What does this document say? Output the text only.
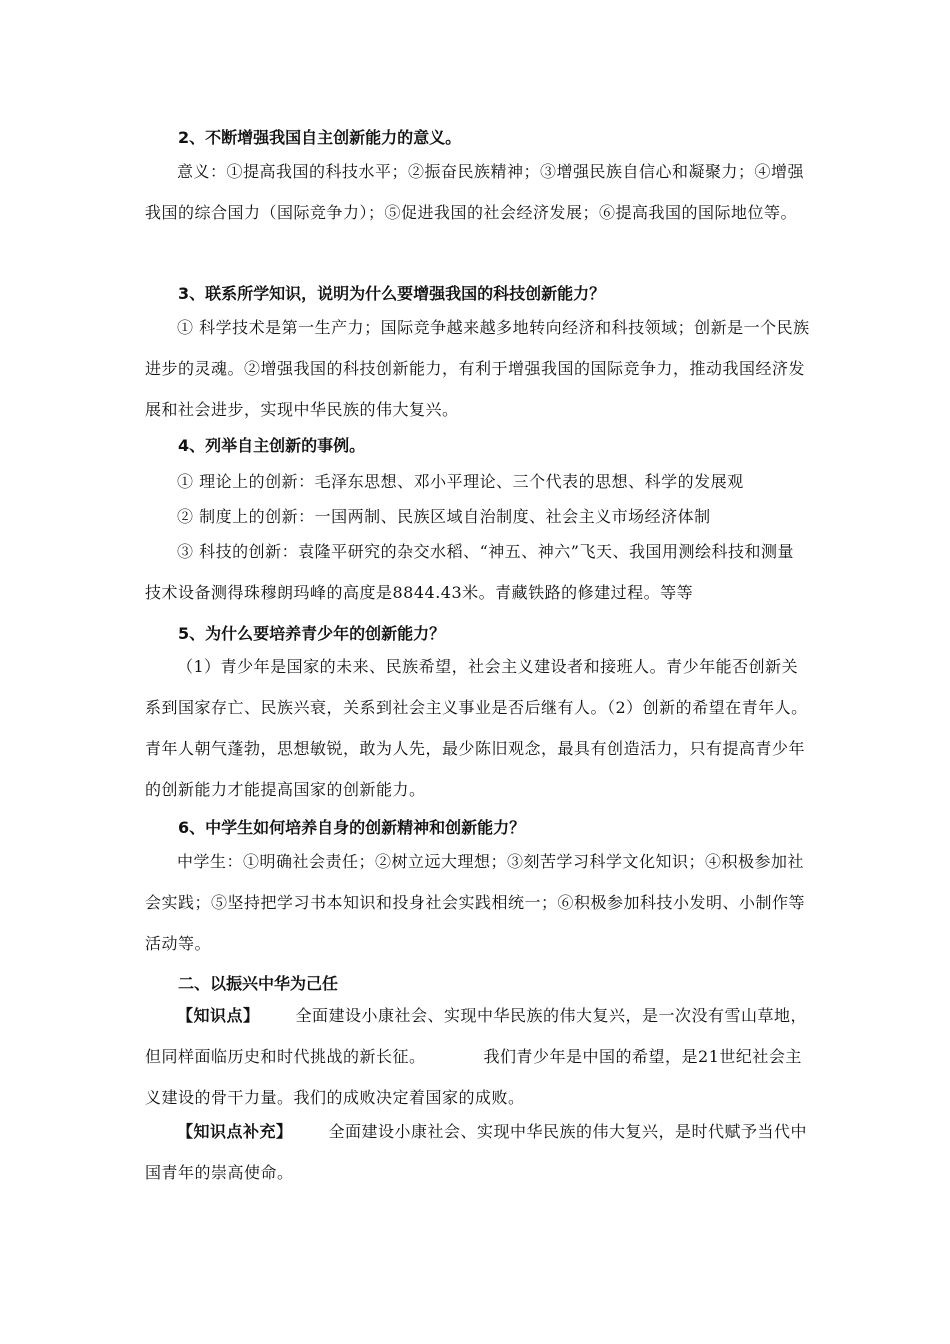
2、不断增强我国自主创新能力的意义。
意义：①提高我国的科技水平；②振奋民族精神；③增强民族自信心和凝聚力；④增强我国的综合国力（国际竞争力）；⑤促进我国的社会经济发展；⑥提高我国的国际地位等。
3、联系所学知识，说明为什么要增强我国的科技创新能力？
① 科学技术是第一生产力；国际竞争越来越多地转向经济和科技领域；创新是一个民族进步的灵魂。②增强我国的科技创新能力，有利于增强我国的国际竞争力，推动我国经济发展和社会进步，实现中华民族的伟大复兴。
4、列举自主创新的事例。
① 理论上的创新：毛泽东思想、邓小平理论、三个代表的思想、科学的发展观
② 制度上的创新：一国两制、民族区域自治制度、社会主义市场经济体制
③ 科技的创新：袁隆平研究的杂交水稻、“神五、神六”飞天、我国用测绘科技和测量技术设备测得珠穆朗玛峰的高度是8844.43米。青藏铁路的修建过程。等等
5、为什么要培养青少年的创新能力？
（1）青少年是国家的未来、民族希望，社会主义建设者和接班人。青少年能否创新关系到国家存亡、民族兴衰，关系到社会主义事业是否后继有人。（2）创新的希望在青年人。青年人朝气蓬勃，思想敏锐，敢为人先，最少陈旧观念，最具有创造活力，只有提高青少年的创新能力才能提高国家的创新能力。
6、中学生如何培养自身的创新精神和创新能力？
中学生：①明确社会责任；②树立远大理想；③刻苦学习科学文化知识；④积极参加社会实践；⑤坚持把学习书本知识和投身社会实践相统一；⑥积极参加科技小发明、小制作等活动等。
二、以振兴中华为己任
【知识点】 全面建设小康社会、实现中华民族的伟大复兴，是一次没有雪山草地，但同样面临历史和时代挑战的新长征。	我们青少年是中国的希望，是21世纪社会主义建设的骨干力量。我们的成败决定着国家的成败。
【知识点补充】 全面建设小康社会、实现中华民族的伟大复兴，是时代赋予当代中国青年的崇高使命。
